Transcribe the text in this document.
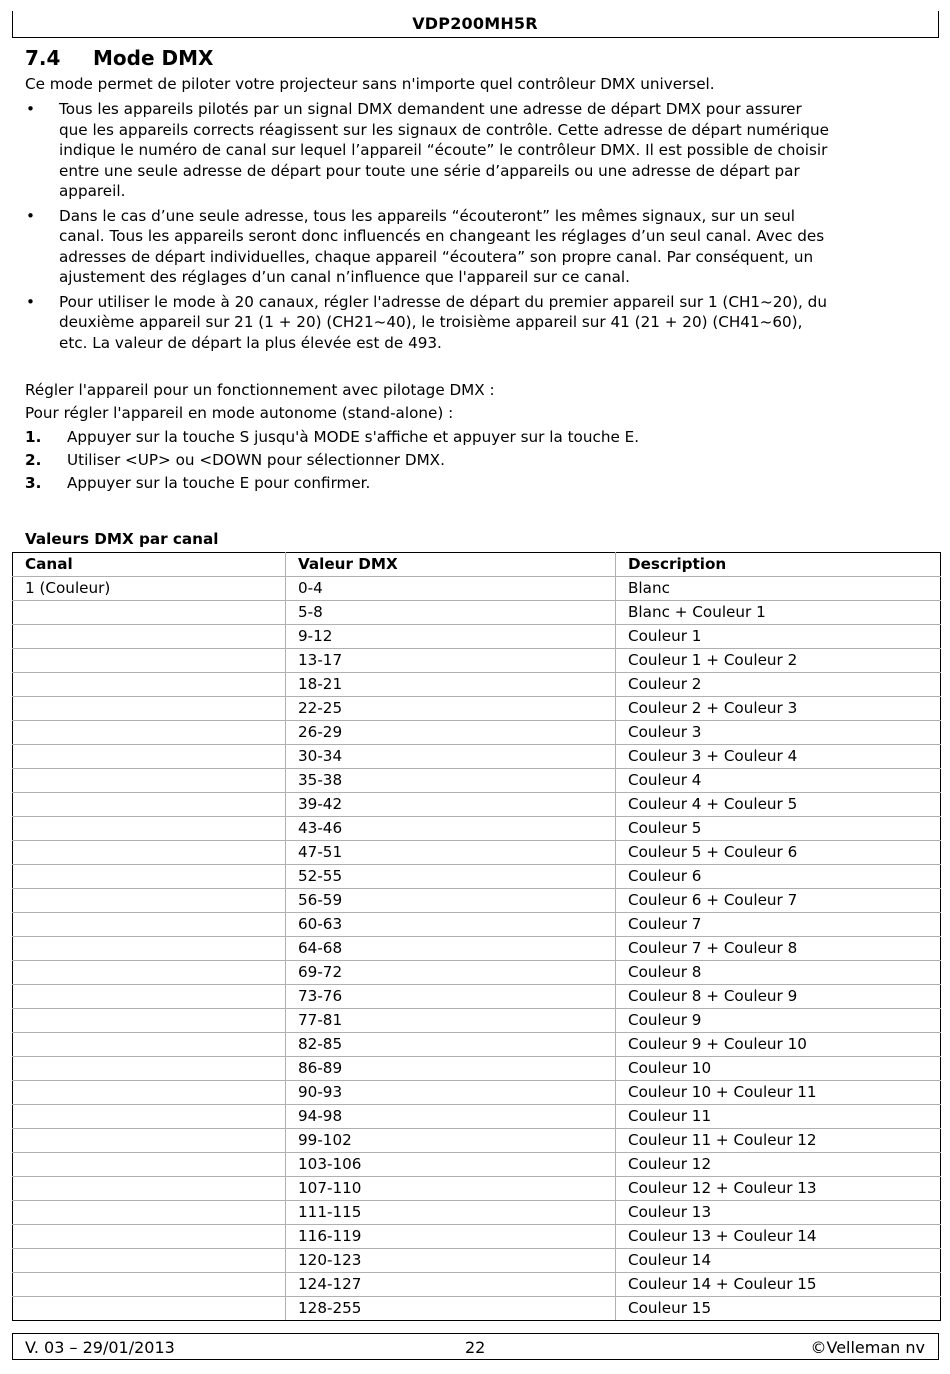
VDP200MH5R
7.4 Mode DMX
Ce mode permet de piloter votre projecteur sans n'importe quel contrôleur DMX universel.
• Tous les appareils pilotés par un signal DMX demandent une adresse de départ DMX pour assurer
que les appareils corrects réagissent sur les signaux de contrôle. Cette adresse de départ numérique
indique le numéro de canal sur lequel l’appareil “écoute” le contrôleur DMX. Il est possible de choisir
entre une seule adresse de départ pour toute une série d’appareils ou une adresse de départ par
appareil.
• Dans le cas d’une seule adresse, tous les appareils “écouteront” les mêmes signaux, sur un seul
canal. Tous les appareils seront donc influencés en changeant les réglages d’un seul canal. Avec des
adresses de départ individuelles, chaque appareil “écoutera” son propre canal. Par conséquent, un
ajustement des réglages d’un canal n’influence que l'appareil sur ce canal.
• Pour utiliser le mode à 20 canaux, régler l'adresse de départ du premier appareil sur 1 (CH1~20), du
deuxième appareil sur 21 (1 + 20) (CH21~40), le troisième appareil sur 41 (21 + 20) (CH41~60),
etc. La valeur de départ la plus élevée est de 493.
Régler l'appareil pour un fonctionnement avec pilotage DMX :
Pour régler l'appareil en mode autonome (stand-alone) :
1. Appuyer sur la touche S jusqu'à MODE s'affiche et appuyer sur la touche E.
2. Utiliser <UP> ou <DOWN pour sélectionner DMX.
3. Appuyer sur la touche E pour confirmer.
Valeurs DMX par canal
Canal	Valeur DMX	Description
1 (Couleur)	0-4	Blanc
	5-8	Blanc + Couleur 1
	9-12	Couleur 1
	13-17	Couleur 1 + Couleur 2
	18-21	Couleur 2
	22-25	Couleur 2 + Couleur 3
	26-29	Couleur 3
	30-34	Couleur 3 + Couleur 4
	35-38	Couleur 4
	39-42	Couleur 4 + Couleur 5
	43-46	Couleur 5
	47-51	Couleur 5 + Couleur 6
	52-55	Couleur 6
	56-59	Couleur 6 + Couleur 7
	60-63	Couleur 7
	64-68	Couleur 7 + Couleur 8
	69-72	Couleur 8
	73-76	Couleur 8 + Couleur 9
	77-81	Couleur 9
	82-85	Couleur 9 + Couleur 10
	86-89	Couleur 10
	90-93	Couleur 10 + Couleur 11
	94-98	Couleur 11
	99-102	Couleur 11 + Couleur 12
	103-106	Couleur 12
	107-110	Couleur 12 + Couleur 13
	111-115	Couleur 13
	116-119	Couleur 13 + Couleur 14
	120-123	Couleur 14
	124-127	Couleur 14 + Couleur 15
	128-255	Couleur 15
V. 03 – 29/01/2013	22	©Velleman nv
